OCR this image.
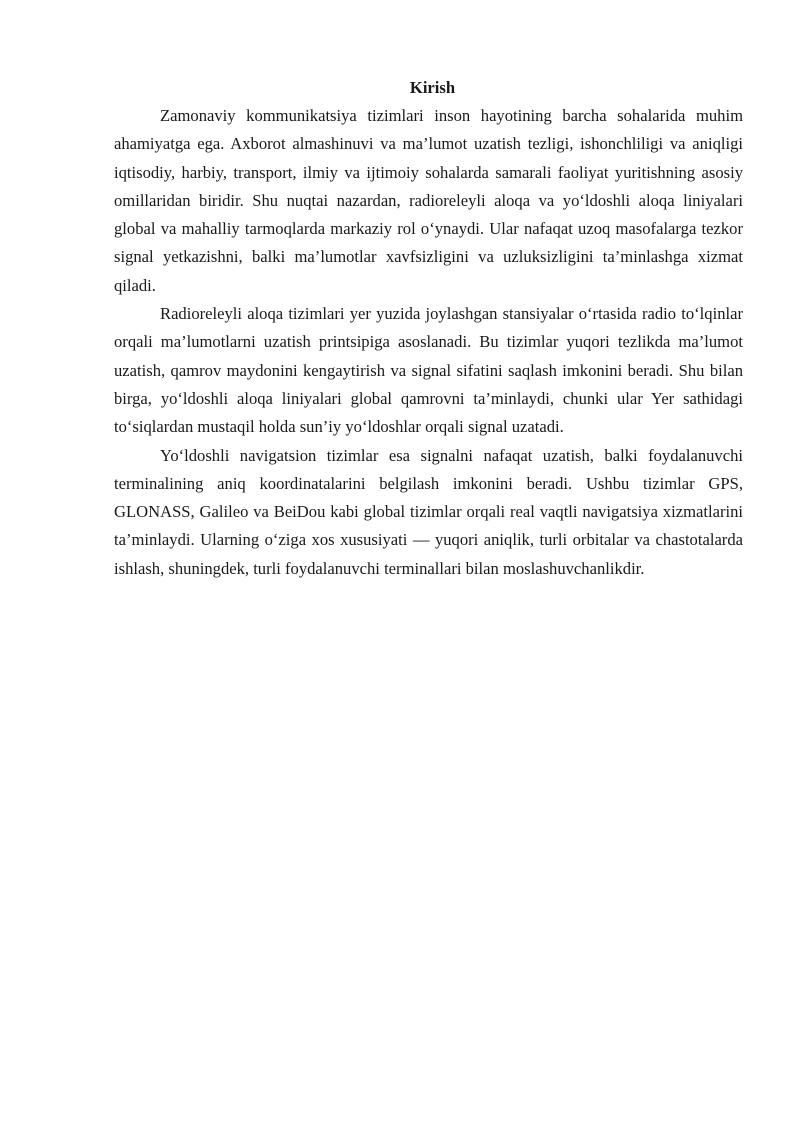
Kirish

Zamonaviy kommunikatsiya tizimlari inson hayotining barcha sohalarida muhim ahamiyatga ega. Axborot almashinuvi va ma’lumot uzatish tezligi, ishonchliligi va aniqligi iqtisodiy, harbiy, transport, ilmiy va ijtimoiy sohalarda samarali faoliyat yuritishning asosiy omillaridan biridir. Shu nuqtai nazardan, radioreleyli aloqa va yo‘ldoshli aloqa liniyalari global va mahalliy tarmoqlarda markaziy rol o‘ynaydi. Ular nafaqat uzoq masofalarga tezkor signal yetkazishni, balki ma’lumotlar xavfsizligini va uzluksizligini ta’minlashga xizmat qiladi.

Radioreleyli aloqa tizimlari yer yuzida joylashgan stansiyalar o‘rtasida radio to‘lqinlar orqali ma’lumotlarni uzatish printsipiga asoslanadi. Bu tizimlar yuqori tezlikda ma’lumot uzatish, qamrov maydonini kengaytirish va signal sifatini saqlash imkonini beradi. Shu bilan birga, yo‘ldoshli aloqa liniyalari global qamrovni ta’minlaydi, chunki ular Yer sathidagi to‘siqlardan mustaqil holda sun’iy yo‘ldoshlar orqali signal uzatadi.

Yo‘ldoshli navigatsion tizimlar esa signalni nafaqat uzatish, balki foydalanuvchi terminalining aniq koordinatalarini belgilash imkonini beradi. Ushbu tizimlar GPS, GLONASS, Galileo va BeiDou kabi global tizimlar orqali real vaqtli navigatsiya xizmatlarini ta’minlaydi. Ularning o‘ziga xos xususiyati — yuqori aniqlik, turli orbitalar va chastotalarda ishlash, shuningdek, turli foydalanuvchi terminallari bilan moslashuvchanlikdir.
